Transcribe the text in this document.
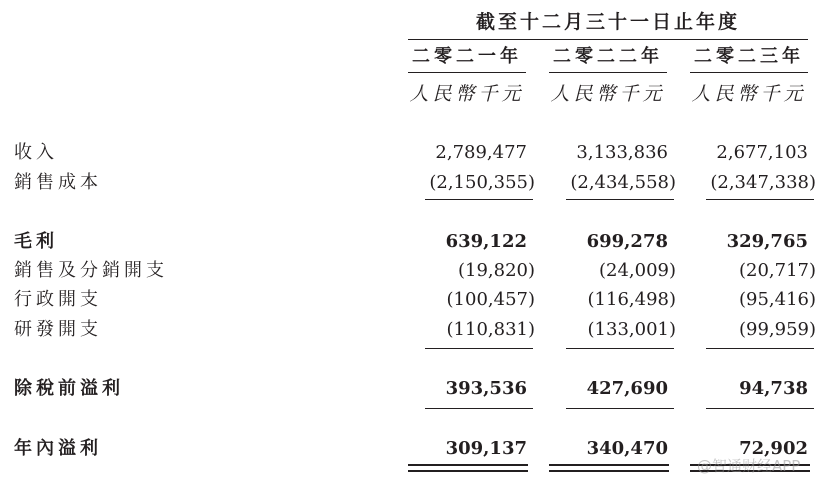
截至十二月三十一日止年度
二零二一年 二零二二年 二零二三年
人民幣千元 人民幣千元 人民幣千元
收入	2,789,477	3,133,836	2,677,103
銷售成本	(2,150,355)	(2,434,558)	(2,347,338)
毛利	639,122	699,278	329,765
銷售及分銷開支	(19,820)	(24,009)	(20,717)
行政開支	(100,457)	(116,498)	(95,416)
研發開支	(110,831)	(133,001)	(99,959)
除稅前溢利	393,536	427,690	94,738
年內溢利	309,137	340,470	72,902
@智通财经APP
